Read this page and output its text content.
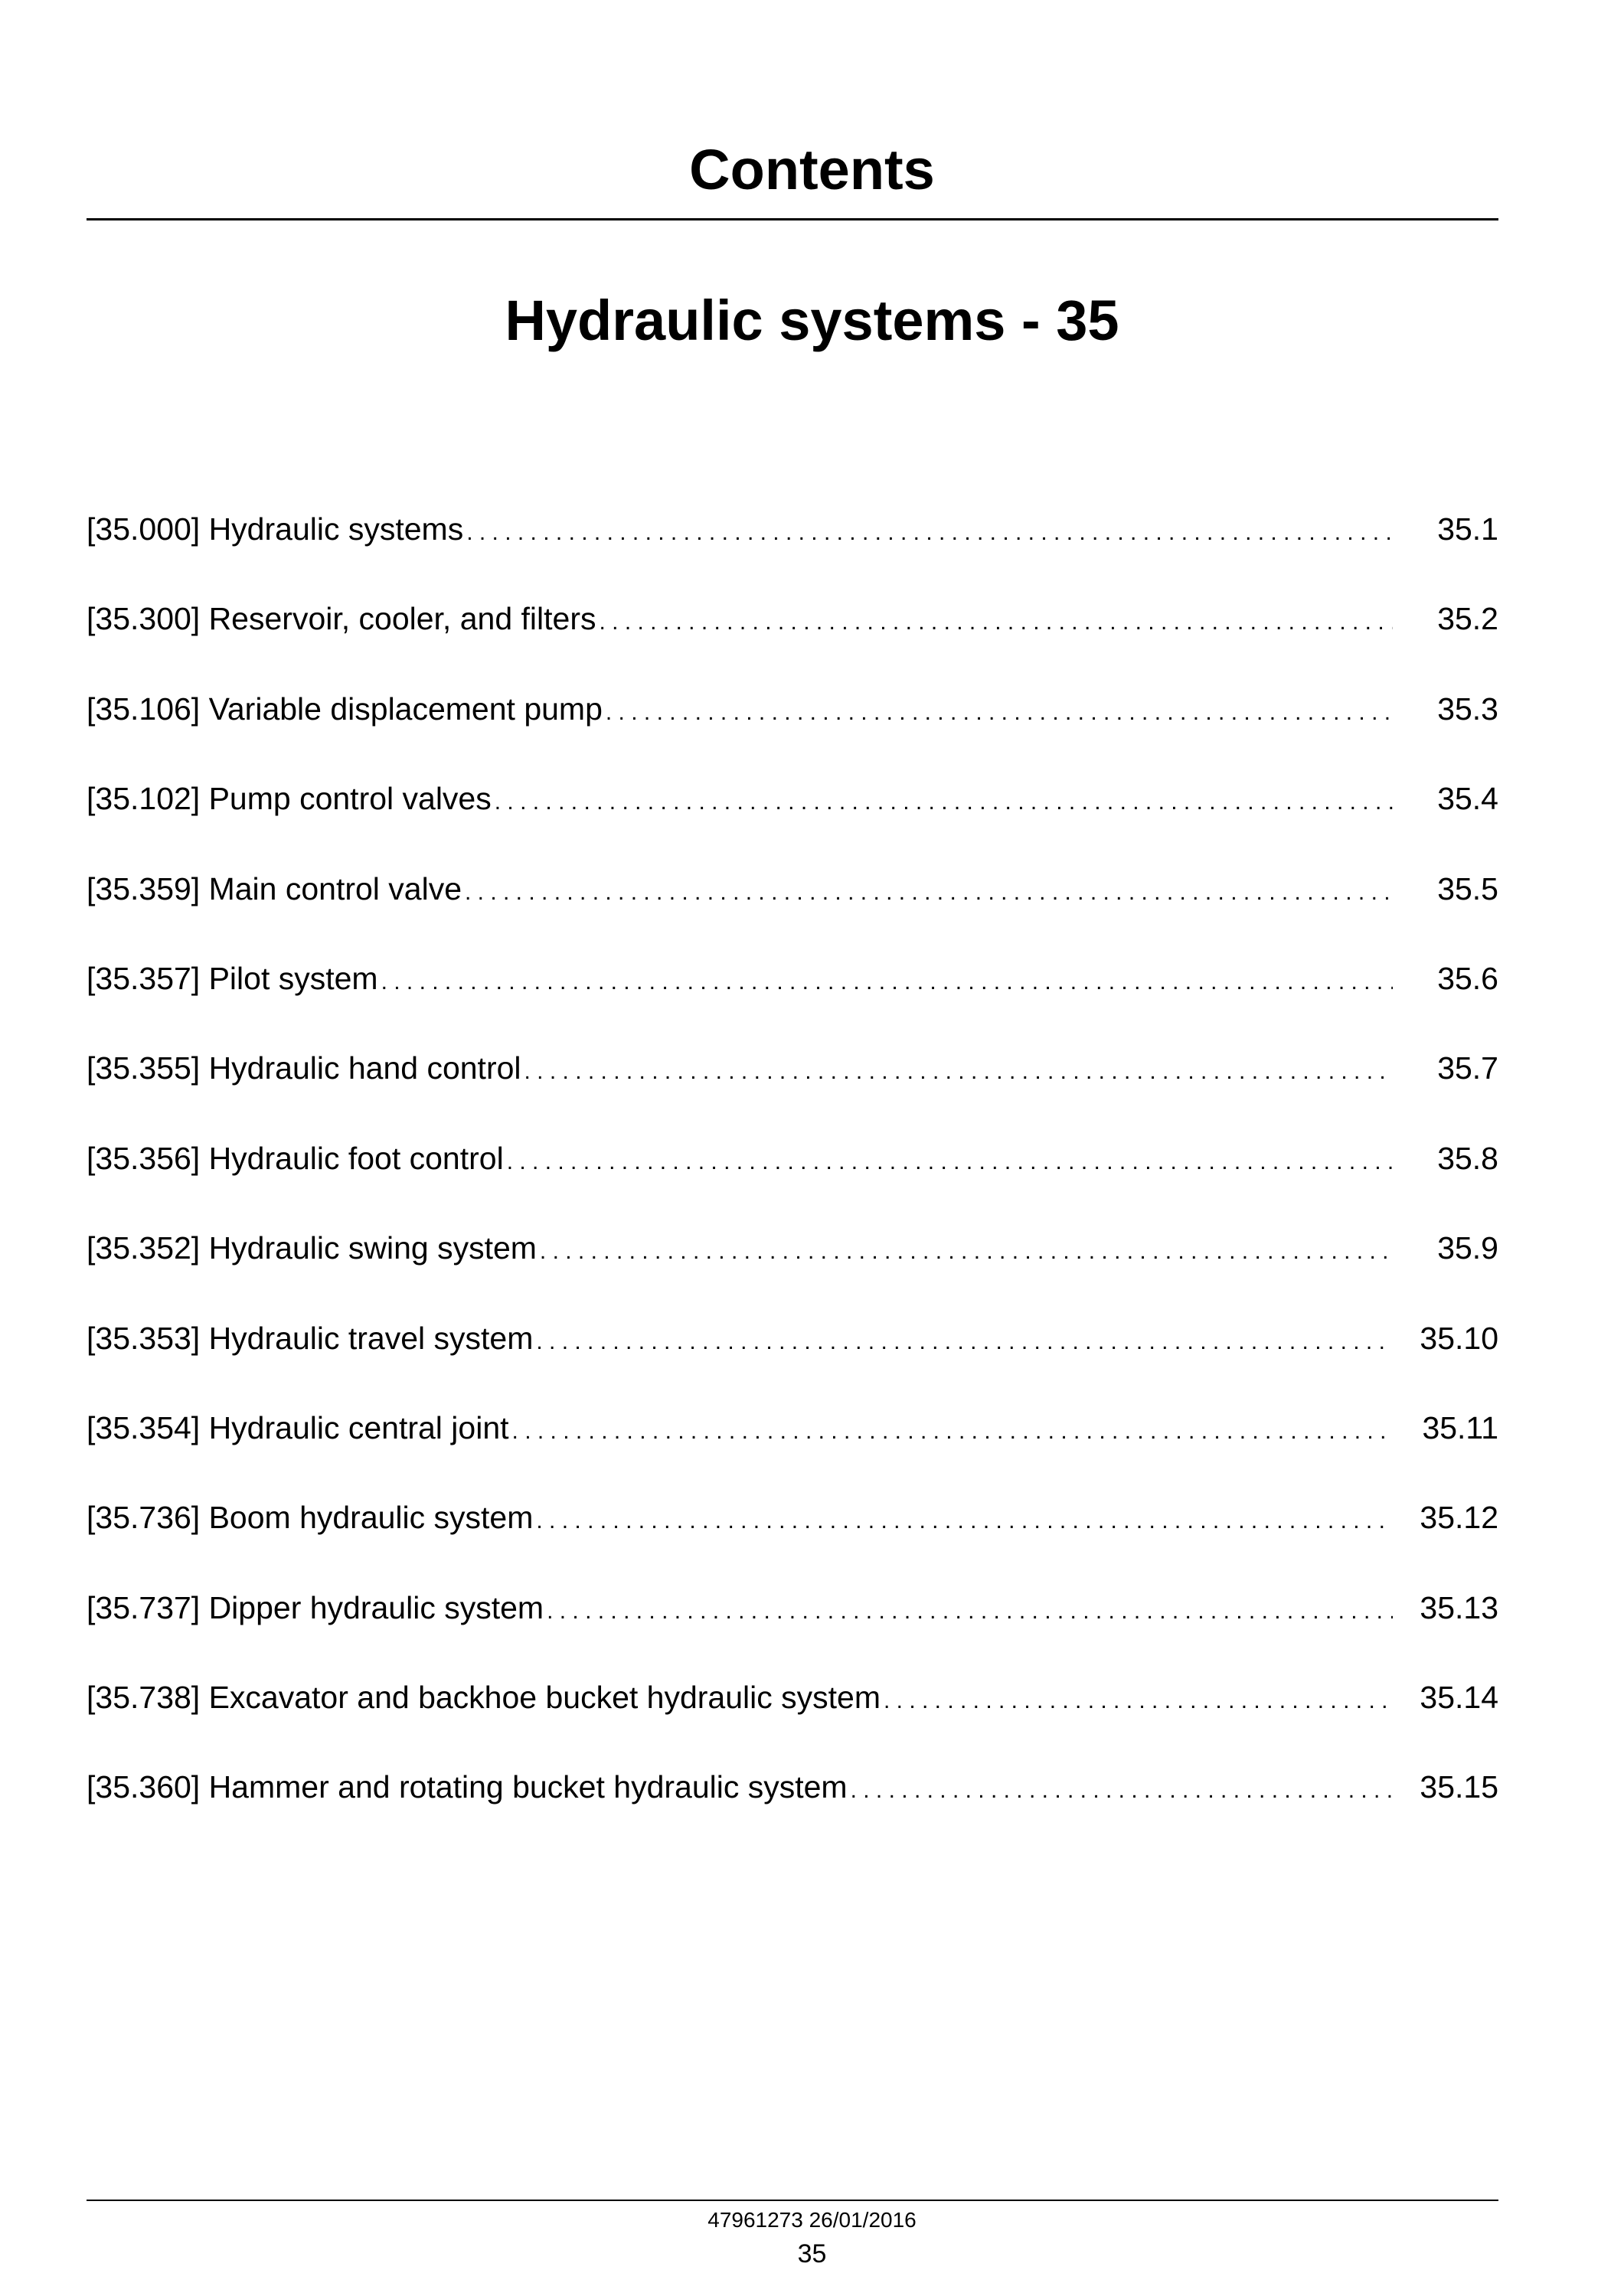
Contents
Hydraulic systems - 35
[35.000] Hydraulic systems . . .	35.1
[35.300] Reservoir, cooler, and filters . . .	35.2
[35.106] Variable displacement pump . . .	35.3
[35.102] Pump control valves . . .	35.4
[35.359] Main control valve . . .	35.5
[35.357] Pilot system . . .	35.6
[35.355] Hydraulic hand control . . .	35.7
[35.356] Hydraulic foot control . . .	35.8
[35.352] Hydraulic swing system . . .	35.9
[35.353] Hydraulic travel system . . .	35.10
[35.354] Hydraulic central joint . . .	35.11
[35.736] Boom hydraulic system . . .	35.12
[35.737] Dipper hydraulic system . . .	35.13
[35.738] Excavator and backhoe bucket hydraulic system . . .	35.14
[35.360] Hammer and rotating bucket hydraulic system . . .	35.15
47961273 26/01/2016
35
